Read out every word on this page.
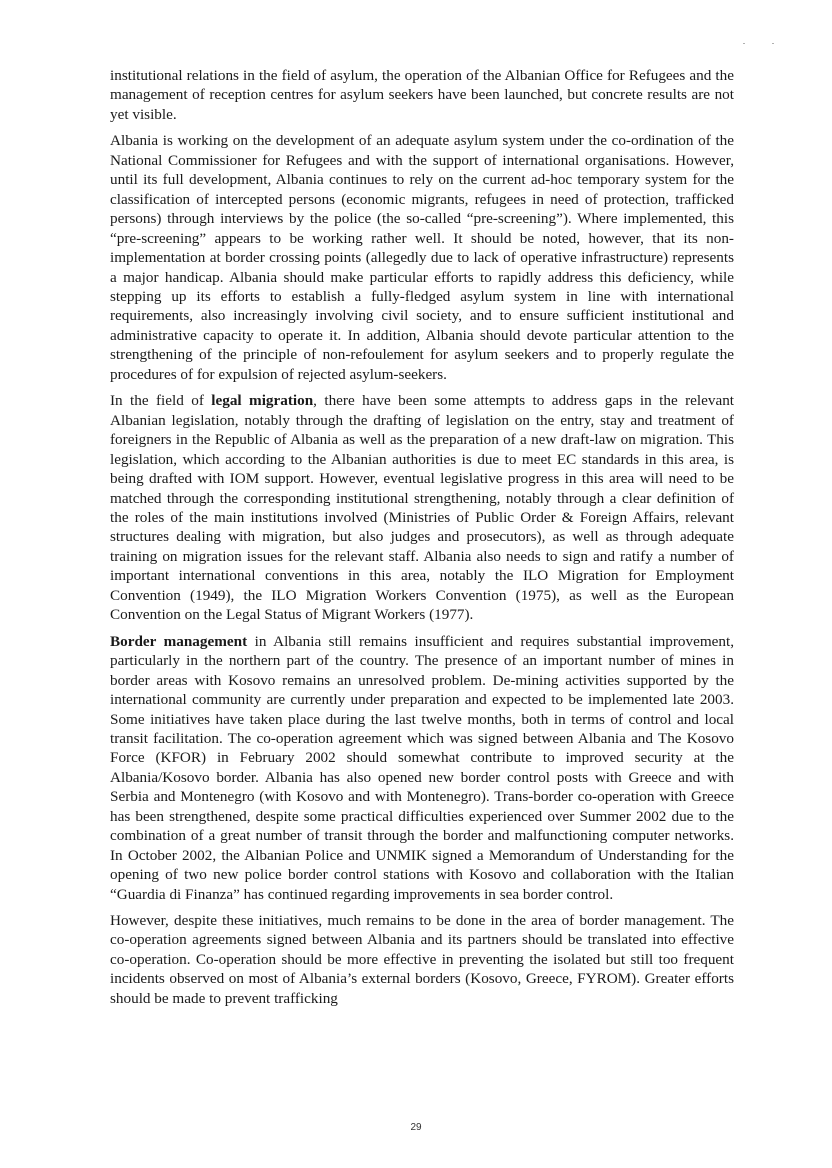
institutional relations in the field of asylum, the operation of the Albanian Office for Refugees and the management of reception centres for asylum seekers have been launched, but concrete results are not yet visible.

Albania is working on the development of an adequate asylum system under the co-ordination of the National Commissioner for Refugees and with the support of international organisations. However, until its full development, Albania continues to rely on the current ad-hoc temporary system for the classification of intercepted persons (economic migrants, refugees in need of protection, trafficked persons) through interviews by the police (the so-called “pre-screening”). Where implemented, this “pre-screening” appears to be working rather well. It should be noted, however, that its non-implementation at border crossing points (allegedly due to lack of operative infrastructure) represents a major handicap. Albania should make particular efforts to rapidly address this deficiency, while stepping up its efforts to establish a fully-fledged asylum system in line with international requirements, also increasingly involving civil society, and to ensure sufficient institutional and administrative capacity to operate it. In addition, Albania should devote particular attention to the strengthening of the principle of non-refoulement for asylum seekers and to properly regulate the procedures of for expulsion of rejected asylum-seekers.

In the field of legal migration, there have been some attempts to address gaps in the relevant Albanian legislation, notably through the drafting of legislation on the entry, stay and treatment of foreigners in the Republic of Albania as well as the preparation of a new draft-law on migration. This legislation, which according to the Albanian authorities is due to meet EC standards in this area, is being drafted with IOM support. However, eventual legislative progress in this area will need to be matched through the corresponding institutional strengthening, notably through a clear definition of the roles of the main institutions involved (Ministries of Public Order & Foreign Affairs, relevant structures dealing with migration, but also judges and prosecutors), as well as through adequate training on migration issues for the relevant staff. Albania also needs to sign and ratify a number of important international conventions in this area, notably the ILO Migration for Employment Convention (1949), the ILO Migration Workers Convention (1975), as well as the European Convention on the Legal Status of Migrant Workers (1977).

Border management in Albania still remains insufficient and requires substantial improvement, particularly in the northern part of the country. The presence of an important number of mines in border areas with Kosovo remains an unresolved problem. De-mining activities supported by the international community are currently under preparation and expected to be implemented late 2003. Some initiatives have taken place during the last twelve months, both in terms of control and local transit facilitation. The co-operation agreement which was signed between Albania and The Kosovo Force (KFOR) in February 2002 should somewhat contribute to improved security at the Albania/Kosovo border. Albania has also opened new border control posts with Greece and with Serbia and Montenegro (with Kosovo and with Montenegro). Trans-border co-operation with Greece has been strengthened, despite some practical difficulties experienced over Summer 2002 due to the combination of a great number of transit through the border and malfunctioning computer networks. In October 2002, the Albanian Police and UNMIK signed a Memorandum of Understanding for the opening of two new police border control stations with Kosovo and collaboration with the Italian “Guardia di Finanza” has continued regarding improvements in sea border control.

However, despite these initiatives, much remains to be done in the area of border management. The co-operation agreements signed between Albania and its partners should be translated into effective co-operation. Co-operation should be more effective in preventing the isolated but still too frequent incidents observed on most of Albania’s external borders (Kosovo, Greece, FYROM). Greater efforts should be made to prevent trafficking

29
